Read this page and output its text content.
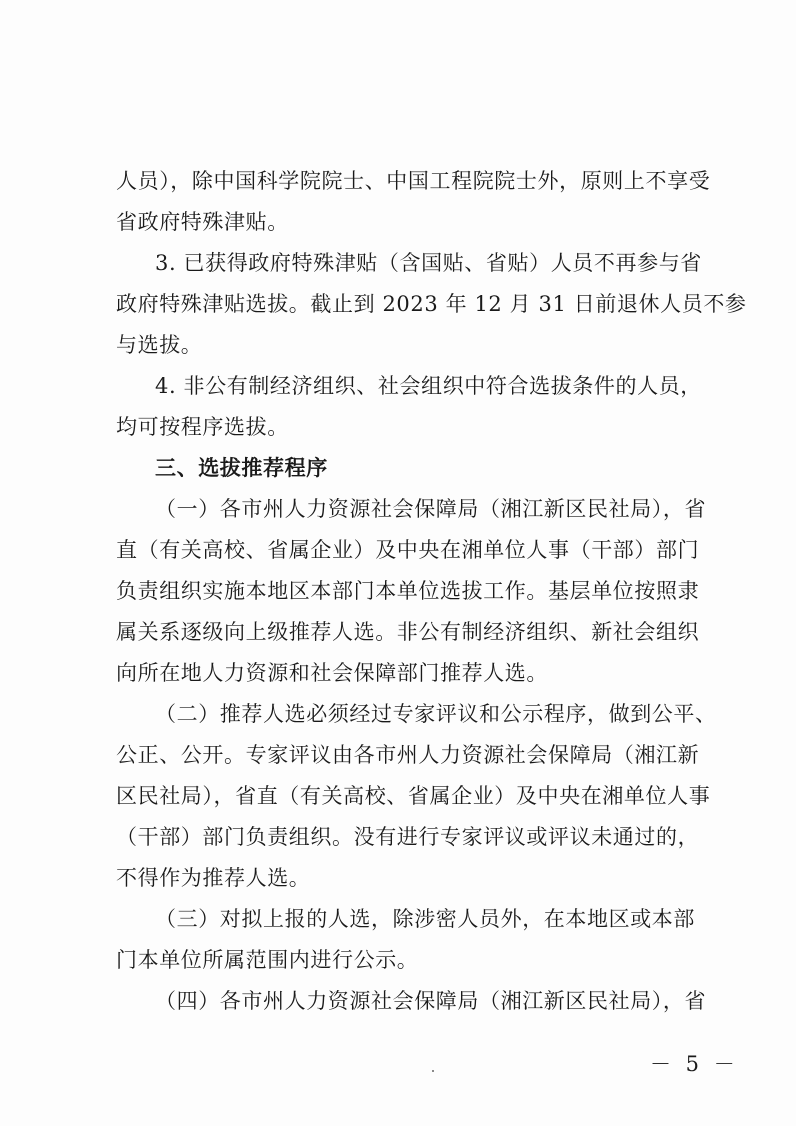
人员），除中国科学院院士、中国工程院院士外，原则上不享受
省政府特殊津贴。
3. 已获得政府特殊津贴（含国贴、省贴）人员不再参与省
政府特殊津贴选拔。截止到 2023 年 12 月 31 日前退休人员不参
与选拔。
4. 非公有制经济组织、社会组织中符合选拔条件的人员，
均可按程序选拔。
三、选拔推荐程序
（一）各市州人力资源社会保障局（湘江新区民社局），省
直（有关高校、省属企业）及中央在湘单位人事（干部）部门
负责组织实施本地区本部门本单位选拔工作。基层单位按照隶
属关系逐级向上级推荐人选。非公有制经济组织、新社会组织
向所在地人力资源和社会保障部门推荐人选。
（二）推荐人选必须经过专家评议和公示程序，做到公平、
公正、公开。专家评议由各市州人力资源社会保障局（湘江新
区民社局），省直（有关高校、省属企业）及中央在湘单位人事
（干部）部门负责组织。没有进行专家评议或评议未通过的，
不得作为推荐人选。
（三）对拟上报的人选，除涉密人员外，在本地区或本部
门本单位所属范围内进行公示。
（四）各市州人力资源社会保障局（湘江新区民社局），省
－ 5 －
